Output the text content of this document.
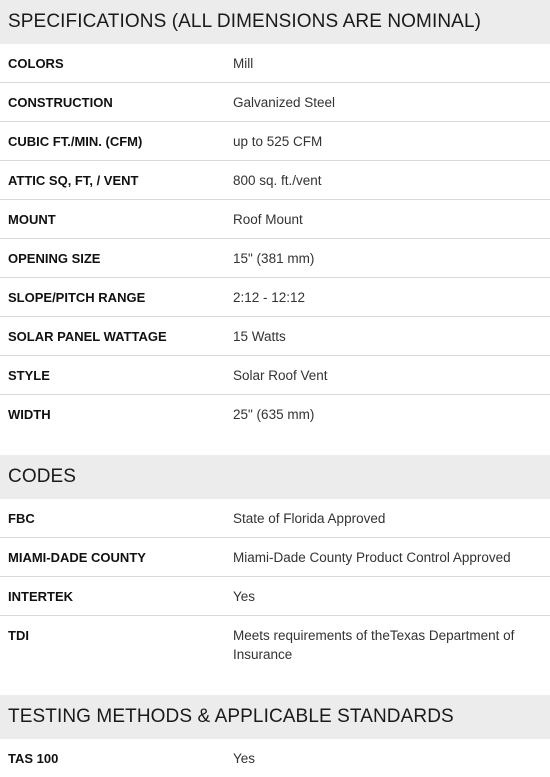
SPECIFICATIONS (ALL DIMENSIONS ARE NOMINAL)
COLORS	Mill
CONSTRUCTION	Galvanized Steel
CUBIC FT./MIN. (CFM)	up to 525 CFM
ATTIC SQ, FT, / VENT	800 sq. ft./vent
MOUNT	Roof Mount
OPENING SIZE	15" (381 mm)
SLOPE/PITCH RANGE	2:12 - 12:12
SOLAR PANEL WATTAGE	15 Watts
STYLE	Solar Roof Vent
WIDTH	25" (635 mm)
CODES
FBC	State of Florida Approved
MIAMI-DADE COUNTY	Miami-Dade County Product Control Approved
INTERTEK	Yes
TDI	Meets requirements of theTexas Department of Insurance
TESTING METHODS & APPLICABLE STANDARDS
TAS 100	Yes
